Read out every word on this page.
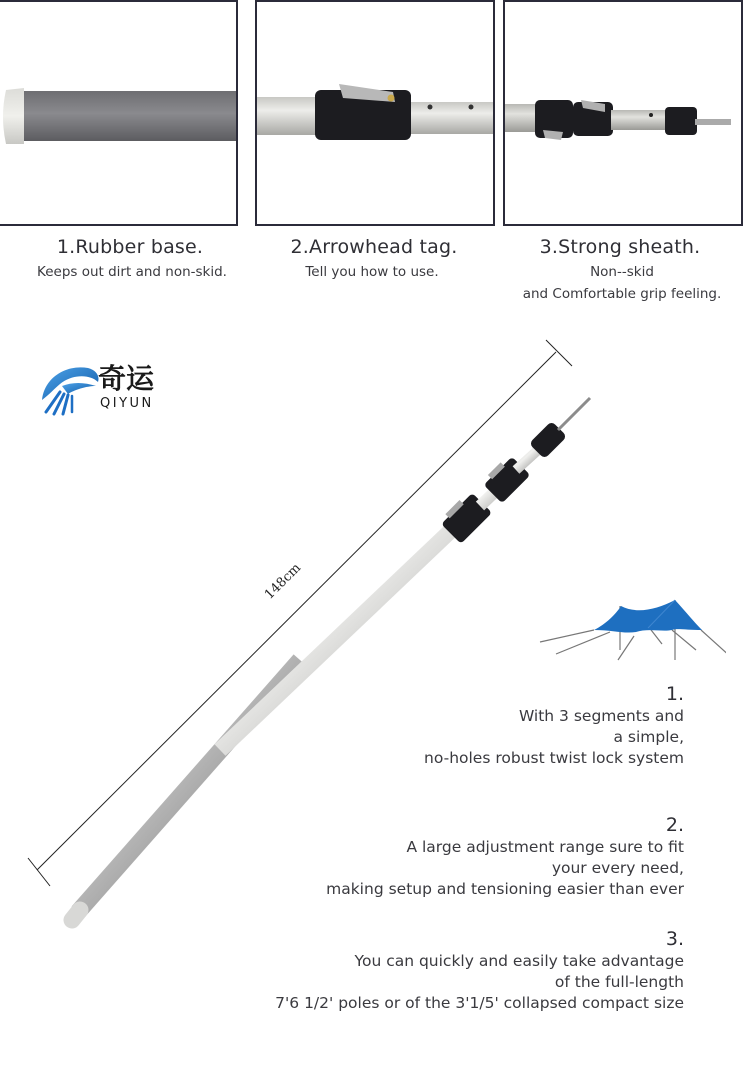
1.Rubber base.
Keeps out dirt and non-skid.
2.Arrowhead tag.
Tell you how to use.
3.Strong sheath.
Non--skid
and Comfortable grip feeling.
奇运
QIYUN
148cm
1.
With 3 segments and
a simple,
no-holes robust twist lock system
2.
A large adjustment range sure to fit
your every need,
making setup and tensioning easier than ever
3.
You can quickly and easily take advantage
of the full-length
7'6 1/2' poles or of the 3'1/5' collapsed compact size
